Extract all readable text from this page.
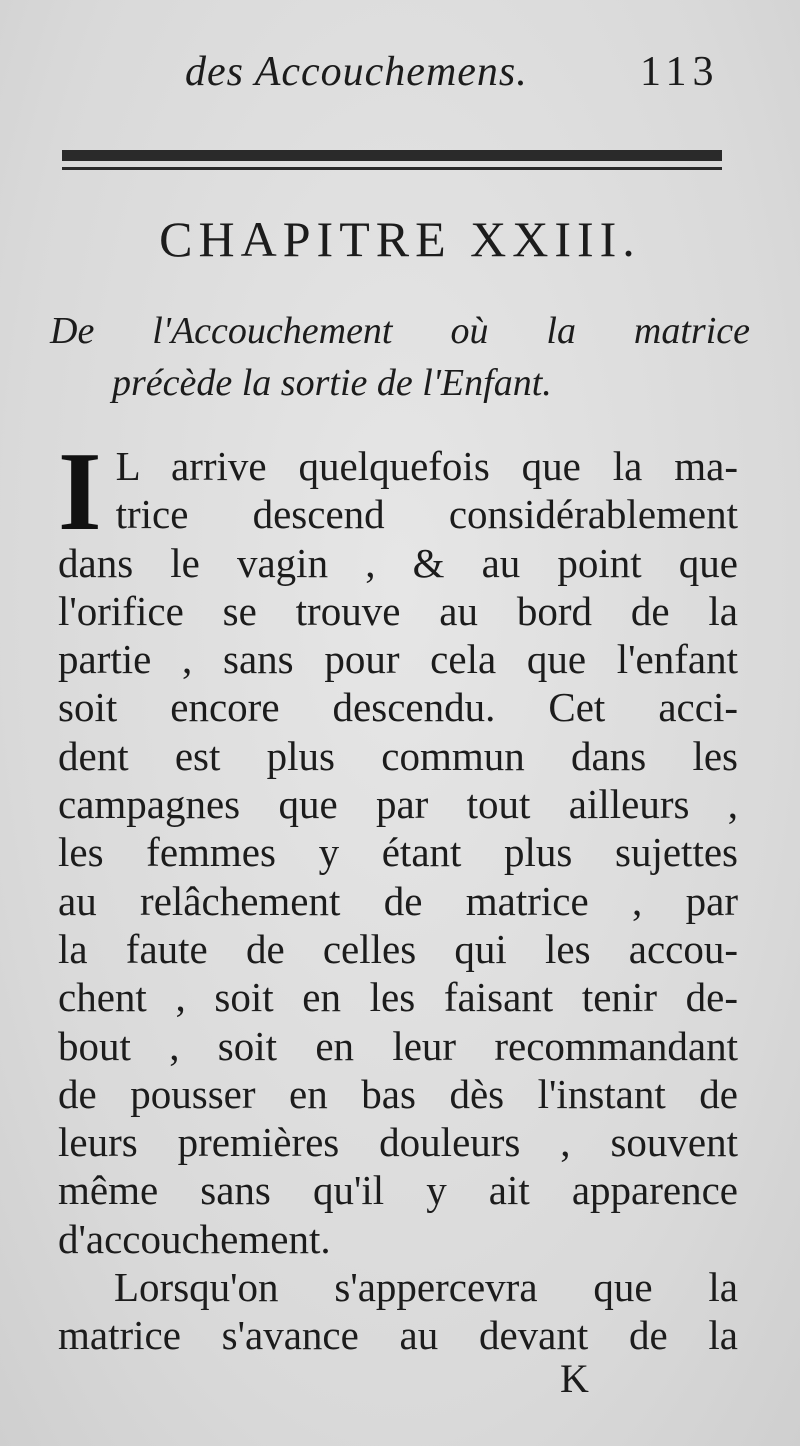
des Accouchemens.	113
CHAPITRE XXIII.
De l'Accouchement où la matrice
précède la sortie de l'Enfant.
I L arrive quelquefois que la ma-
trice descend considérablement
dans le vagin , & au point que
l'orifice se trouve au bord de la
partie , sans pour cela que l'enfant
soit encore descendu. Cet acci-
dent est plus commun dans les
campagnes que par tout ailleurs ,
les femmes y étant plus sujettes
au relâchement de matrice , par
la faute de celles qui les accou-
chent , soit en les faisant tenir de-
bout , soit en leur recommandant
de pousser en bas dès l'instant de
leurs premières douleurs , souvent
même sans qu'il y ait apparence
d'accouchement.
Lorsqu'on s'appercevra que la
matrice s'avance au devant de la
K
